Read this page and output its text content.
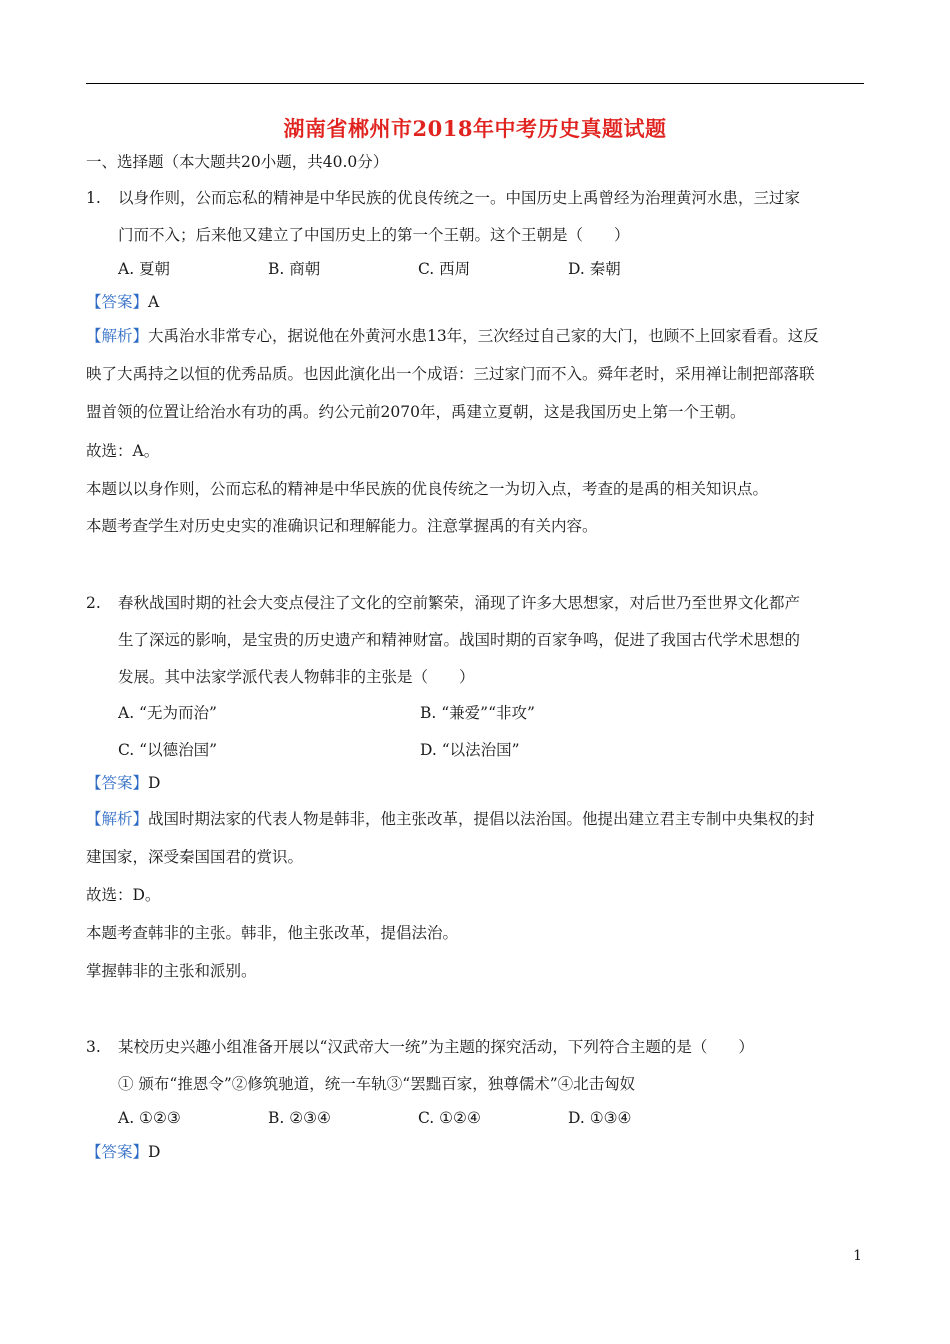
湖南省郴州市2018年中考历史真题试题
一、选择题（本大题共20小题，共40.0分）
1. 以身作则，公而忘私的精神是中华民族的优良传统之一。中国历史上禹曾经为治理黄河水患，三过家
门而不入；后来他又建立了中国历史上的第一个王朝。这个王朝是（　　）
A. 夏朝	B. 商朝	C. 西周	D. 秦朝
【答案】A
【解析】大禹治水非常专心，据说他在外黄河水患13年，三次经过自己家的大门，也顾不上回家看看。这反
映了大禹持之以恒的优秀品质。也因此演化出一个成语：三过家门而不入。舜年老时，采用禅让制把部落联
盟首领的位置让给治水有功的禹。约公元前2070年，禹建立夏朝，这是我国历史上第一个王朝。
故选：A。
本题以以身作则，公而忘私的精神是中华民族的优良传统之一为切入点，考查的是禹的相关知识点。
本题考查学生对历史史实的准确识记和理解能力。注意掌握禹的有关内容。
2. 春秋战国时期的社会大变点侵注了文化的空前繁荣，涌现了许多大思想家，对后世乃至世界文化都产
生了深远的影响，是宝贵的历史遗产和精神财富。战国时期的百家争鸣，促进了我国古代学术思想的
发展。其中法家学派代表人物韩非的主张是（　　）
A. “无为而治”	B. “兼爱”“非攻”
C. “以德治国”	D. “以法治国”
【答案】D
【解析】战国时期法家的代表人物是韩非，他主张改革，提倡以法治国。他提出建立君主专制中央集权的封
建国家，深受秦国国君的赏识。
故选：D。
本题考查韩非的主张。韩非，他主张改革，提倡法治。
掌握韩非的主张和派别。
3. 某校历史兴趣小组准备开展以“汉武帝大一统”为主题的探究活动，下列符合主题的是（　　）
① 颁布“推恩令”②修筑驰道，统一车轨③“罢黜百家，独尊儒术”④北击匈奴
A. ①②③	B. ②③④	C. ①②④	D. ①③④
【答案】D
1
